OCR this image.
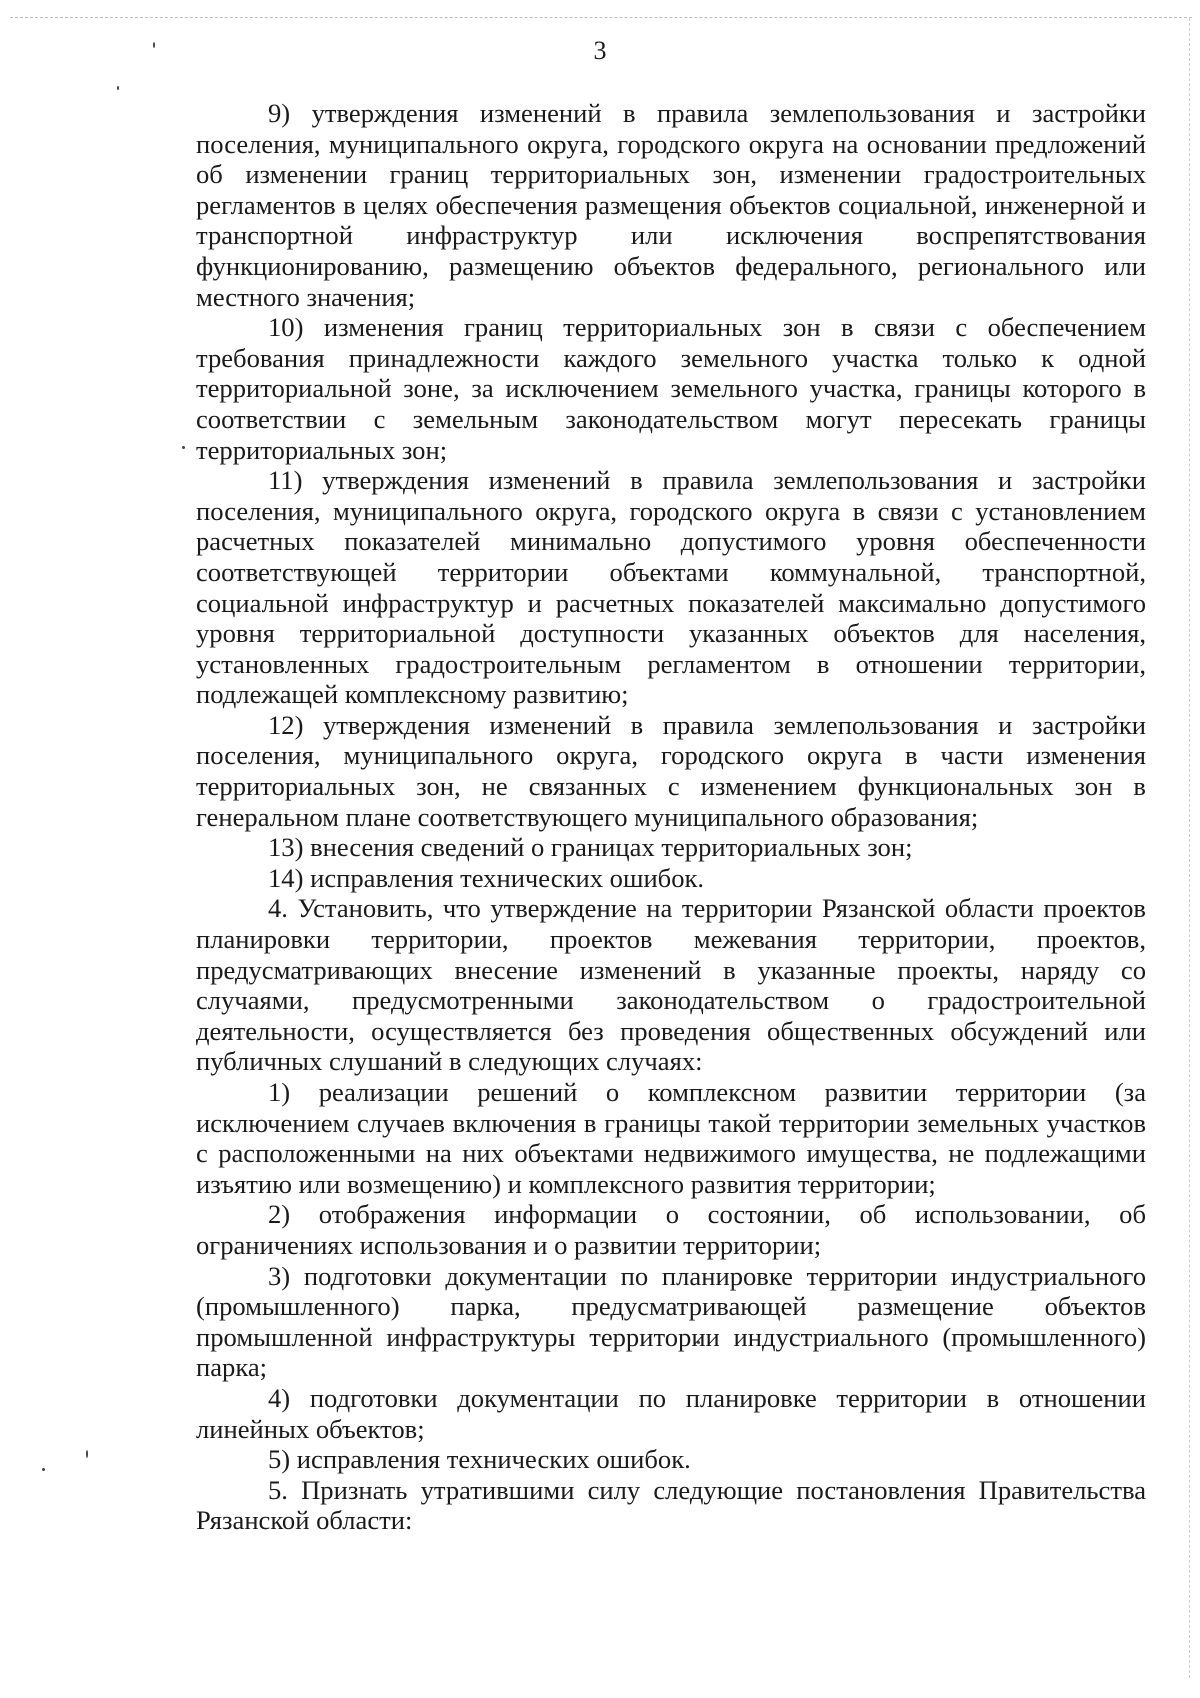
3

9) утверждения изменений в правила землепользования и застройки поселения, муниципального округа, городского округа на основании предложений об изменении границ территориальных зон, изменении градостроительных регламентов в целях обеспечения размещения объектов социальной, инженерной и транспортной инфраструктур или исключения воспрепятствования функционированию, размещению объектов федерального, регионального или местного значения;

10) изменения границ территориальных зон в связи с обеспечением требования принадлежности каждого земельного участка только к одной территориальной зоне, за исключением земельного участка, границы которого в соответствии с земельным законодательством могут пересекать границы территориальных зон;

11) утверждения изменений в правила землепользования и застройки поселения, муниципального округа, городского округа в связи с установлением расчетных показателей минимально допустимого уровня обеспеченности соответствующей территории объектами коммунальной, транспортной, социальной инфраструктур и расчетных показателей максимально допустимого уровня территориальной доступности указанных объектов для населения, установленных градостроительным регламентом в отношении территории, подлежащей комплексному развитию;

12) утверждения изменений в правила землепользования и застройки поселения, муниципального округа, городского округа в части изменения территориальных зон, не связанных с изменением функциональных зон в генеральном плане соответствующего муниципального образования;

13) внесения сведений о границах территориальных зон;

14) исправления технических ошибок.

4. Установить, что утверждение на территории Рязанской области проектов планировки территории, проектов межевания территории, проектов, предусматривающих внесение изменений в указанные проекты, наряду со случаями, предусмотренными законодательством о градостроительной деятельности, осуществляется без проведения общественных обсуждений или публичных слушаний в следующих случаях:

1) реализации решений о комплексном развитии территории (за исключением случаев включения в границы такой территории земельных участков с расположенными на них объектами недвижимого имущества, не подлежащими изъятию или возмещению) и комплексного развития территории;

2) отображения информации о состоянии, об использовании, об ограничениях использования и о развитии территории;

3) подготовки документации по планировке территории индустриального (промышленного) парка, предусматривающей размещение объектов промышленной инфраструктуры территории индустриального (промышленного) парка;

4) подготовки документации по планировке территории в отношении линейных объектов;

5) исправления технических ошибок.

5. Признать утратившими силу следующие постановления Правительства Рязанской области:
